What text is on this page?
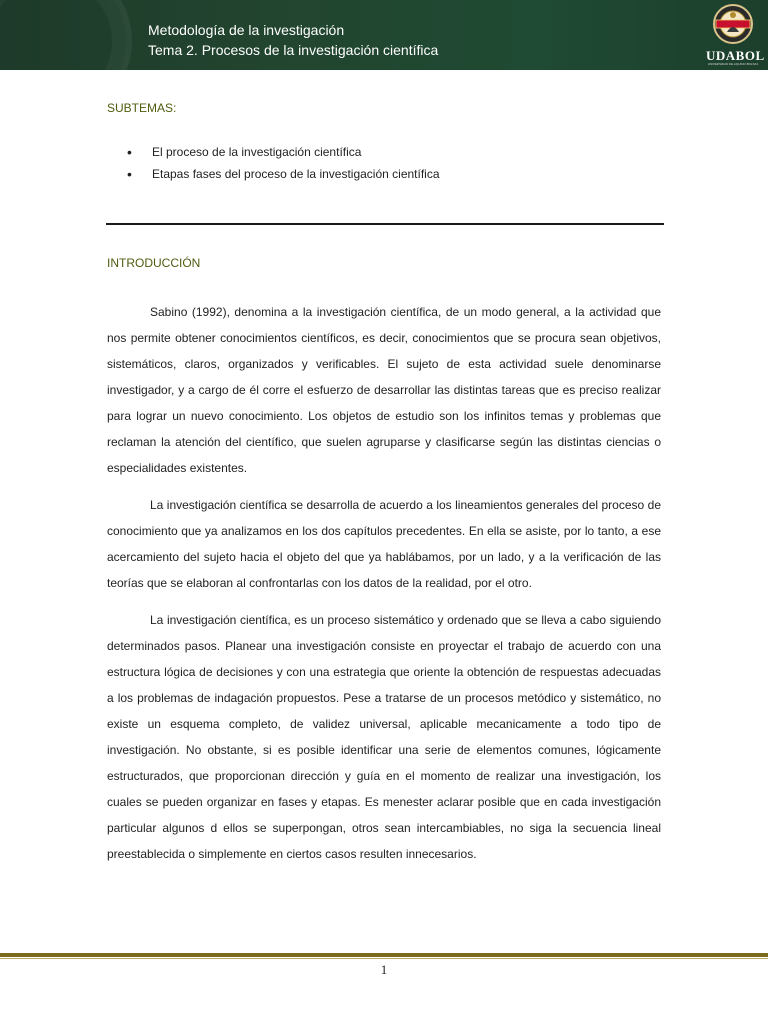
Metodología de la investigación
Tema 2. Procesos de la investigación científica	UDABOL
UNIVERSIDAD DE AQUINO BOLIVIA
SUBTEMAS:
• El proceso de la investigación científica
• Etapas fases del proceso de la investigación científica
INTRODUCCIÓN

Sabino (1992), denomina a la investigación científica, de un modo general, a la actividad que nos permite obtener conocimientos científicos, es decir, conocimientos que se procura sean objetivos, sistemáticos, claros, organizados y verificables. El sujeto de esta actividad suele denominarse investigador, y a cargo de él corre el esfuerzo de desarrollar las distintas tareas que es preciso realizar para lograr un nuevo conocimiento. Los objetos de estudio son los infinitos temas y problemas que reclaman la atención del científico, que suelen agruparse y clasificarse según las distintas ciencias o especialidades existentes.

La investigación científica se desarrolla de acuerdo a los lineamientos generales del proceso de conocimiento que ya analizamos en los dos capítulos precedentes. En ella se asiste, por lo tanto, a ese acercamiento del sujeto hacia el objeto del que ya hablábamos, por un lado, y a la verificación de las teorías que se elaboran al confrontarlas con los datos de la realidad, por el otro.

La investigación científica, es un proceso sistemático y ordenado que se lleva a cabo siguiendo determinados pasos. Planear una investigación consiste en proyectar el trabajo de acuerdo con una estructura lógica de decisiones y con una estrategia que oriente la obtención de respuestas adecuadas a los problemas de indagación propuestos. Pese a tratarse de un procesos metódico y sistemático, no existe un esquema completo, de validez universal, aplicable mecanicamente a todo tipo de investigación. No obstante, si es posible identificar una serie de elementos comunes, lógicamente estructurados, que proporcionan dirección y guía en el momento de realizar una investigación, los cuales se pueden organizar en fases y etapas. Es menester aclarar posible que en cada investigación particular algunos d ellos se superpongan, otros sean intercambiables, no siga la secuencia lineal preestablecida o simplemente en ciertos casos resulten innecesarios.

1
